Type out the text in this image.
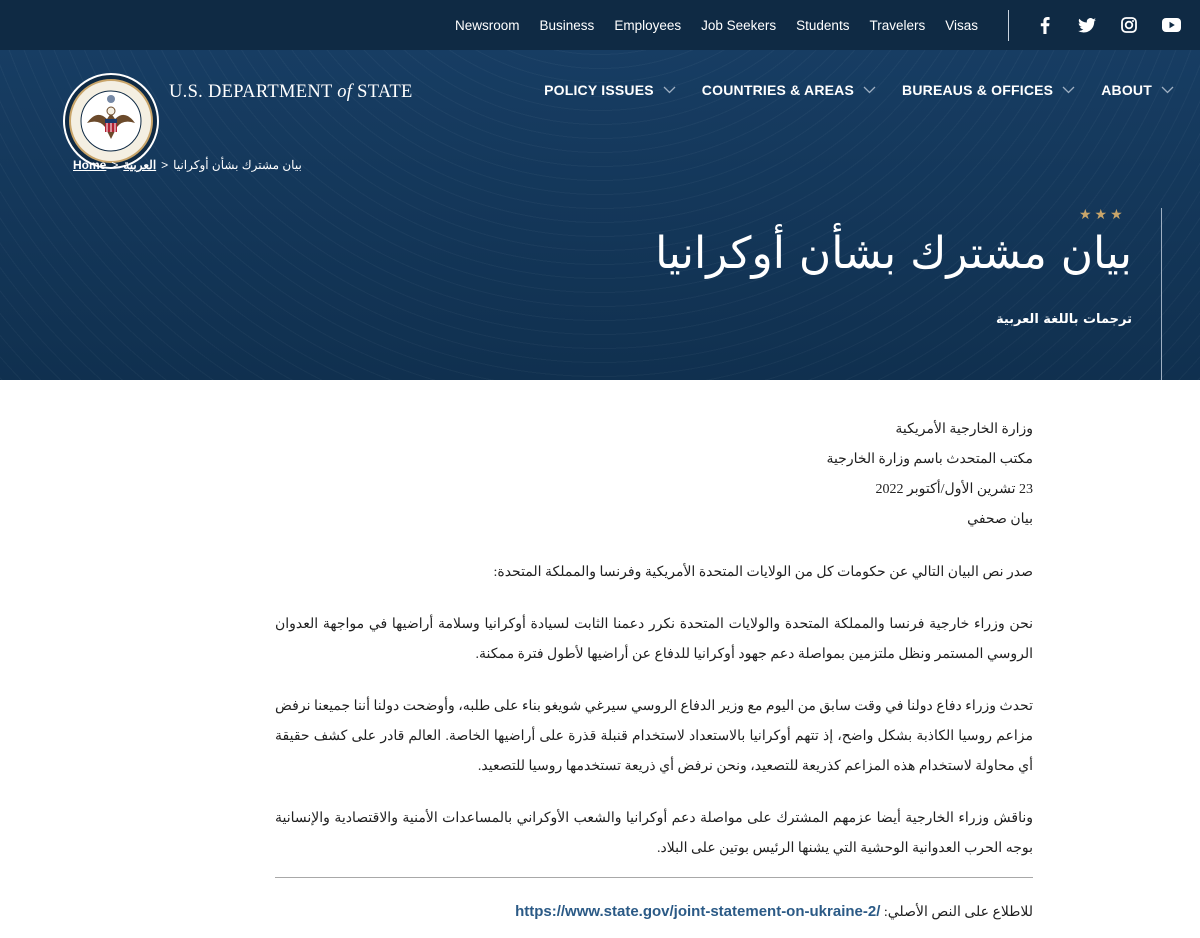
Newsroom Business Employees Job Seekers Students Travelers Visas
U.S. DEPARTMENT of STATE	POLICY ISSUES	COUNTRIES & AREAS	BUREAUS & OFFICES	ABOUT
Home > العربية > بيان مشترك بشأن أوكرانيا
★★★
بيان مشترك بشأن أوكرانيا
ترجمات باللغة العربية
وزارة الخارجية الأمريكية
مكتب المتحدث باسم وزارة الخارجية
23 تشرين الأول/أكتوبر 2022
بيان صحفي

صدر نص البيان التالي عن حكومات كل من الولايات المتحدة الأمريكية وفرنسا والمملكة المتحدة:

نحن وزراء خارجية فرنسا والمملكة المتحدة والولايات المتحدة نكرر دعمنا الثابت لسيادة أوكرانيا وسلامة أراضيها في مواجهة العدوان الروسي المستمر ونظل ملتزمين بمواصلة دعم جهود أوكرانيا للدفاع عن أراضيها لأطول فترة ممكنة.

تحدث وزراء دفاع دولنا في وقت سابق من اليوم مع وزير الدفاع الروسي سيرغي شويغو بناء على طلبه، وأوضحت دولنا أننا جميعنا نرفض مزاعم روسيا الكاذبة بشكل واضح، إذ تتهم أوكرانيا بالاستعداد لاستخدام قنبلة قذرة على أراضيها الخاصة. العالم قادر على كشف حقيقة أي محاولة لاستخدام هذه المزاعم كذريعة للتصعيد، ونحن نرفض أي ذريعة تستخدمها روسيا للتصعيد.

وناقش وزراء الخارجية أيضا عزمهم المشترك على مواصلة دعم أوكرانيا والشعب الأوكراني بالمساعدات الأمنية والاقتصادية والإنسانية بوجه الحرب العدوانية الوحشية التي يشنها الرئيس بوتين على البلاد.

للاطلاع على النص الأصلي: https://www.state.gov/joint-statement-on-ukraine-2/
